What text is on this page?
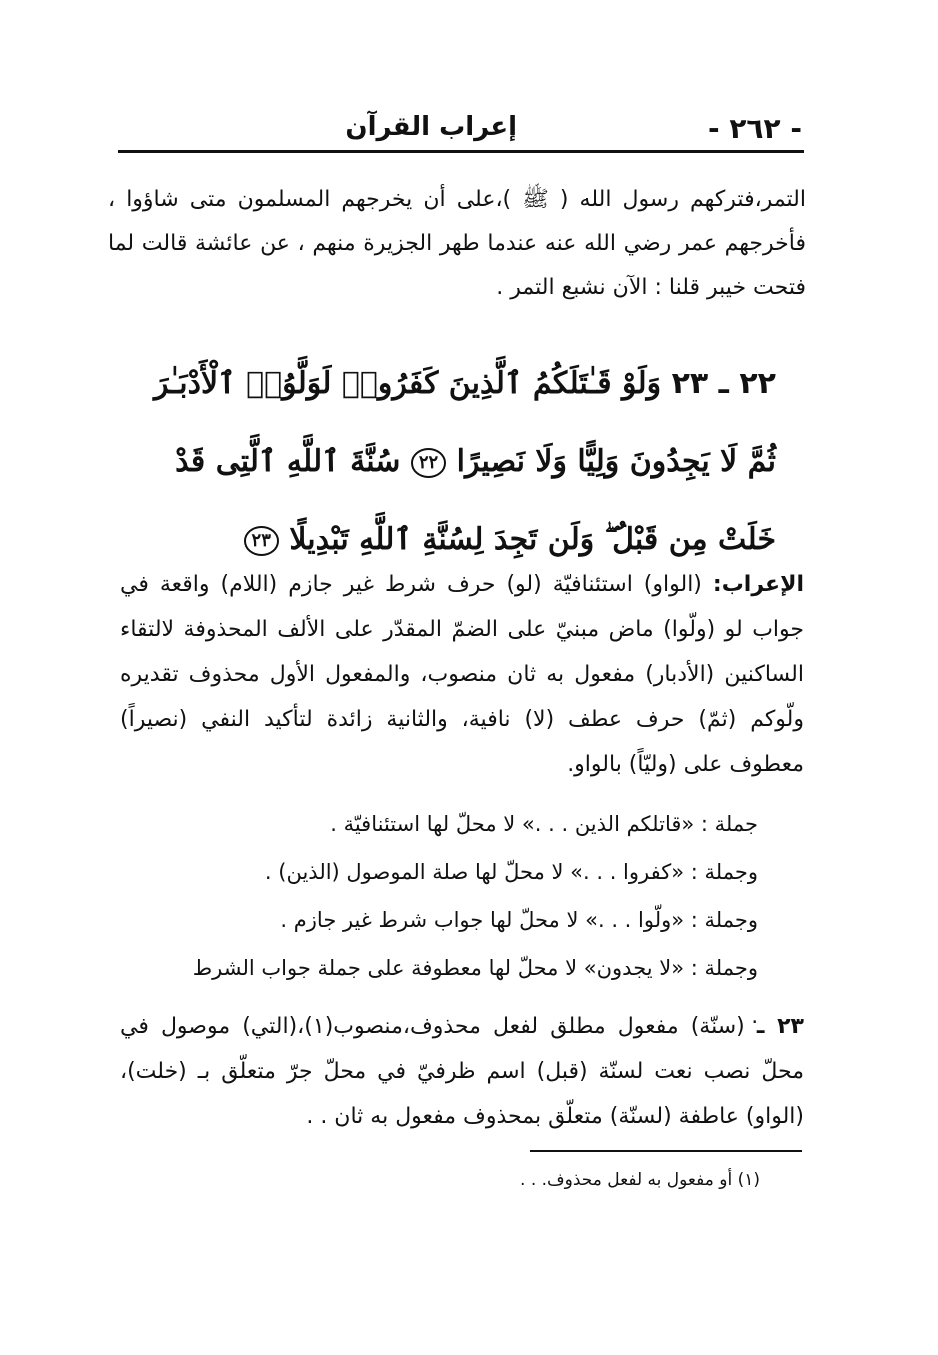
- ٢٦٢ -
إعراب القرآن
التمر،فتركهم رسول الله ( ﷺ )،على أن يخرجهم المسلمون متى شاؤوا ، فأخرجهم عمر رضي الله عنه عندما طهر الجزيرة منهم ، عن عائشة قالت لما فتحت خيبر قلنا : الآن نشبع التمر .
٢٢ ـ ٢٣ وَلَوْ قَـٰتَلَكُمُ ٱلَّذِينَ كَفَرُوا۟ لَوَلَّوُا۟ ٱلْأَدْبَـٰرَ ثُمَّ لَا يَجِدُونَ وَلِيًّا وَلَا نَصِيرًا ٢٢ سُنَّةَ ٱللَّهِ ٱلَّتِى قَدْ خَلَتْ مِن قَبْلُ ۖ وَلَن تَجِدَ لِسُنَّةِ ٱللَّهِ تَبْدِيلًا ٢٣
الإعراب: (الواو) استئنافيّة (لو) حرف شرط غير جازم (اللام) واقعة في جواب لو (ولّوا) ماض مبنيّ على الضمّ المقدّر على الألف المحذوفة لالتقاء الساكنين (الأدبار) مفعول به ثان منصوب، والمفعول الأول محذوف تقديره ولّوكم (ثمّ) حرف عطف (لا) نافية، والثانية زائدة لتأكيد النفي (نصيراً) معطوف على (وليّاً) بالواو.
جملة : «قاتلكم الذين . . .» لا محلّ لها استئنافيّة .
وجملة : «كفروا . . .» لا محلّ لها صلة الموصول (الذين) .
وجملة : «ولّوا . . .» لا محلّ لها جواب شرط غير جازم .
وجملة : «لا يجدون» لا محلّ لها معطوفة على جملة جواب الشرط .
٢٣ ـ (سنّة) مفعول مطلق لفعل محذوف،منصوب(١)،(التي) موصول في محلّ نصب نعت لسنّة (قبل) اسم ظرفيّ في محلّ جرّ متعلّق بـ (خلت)، (الواو) عاطفة (لسنّة) متعلّق بمحذوف مفعول به ثان . .
(١) أو مفعول به لفعل محذوف. . .
